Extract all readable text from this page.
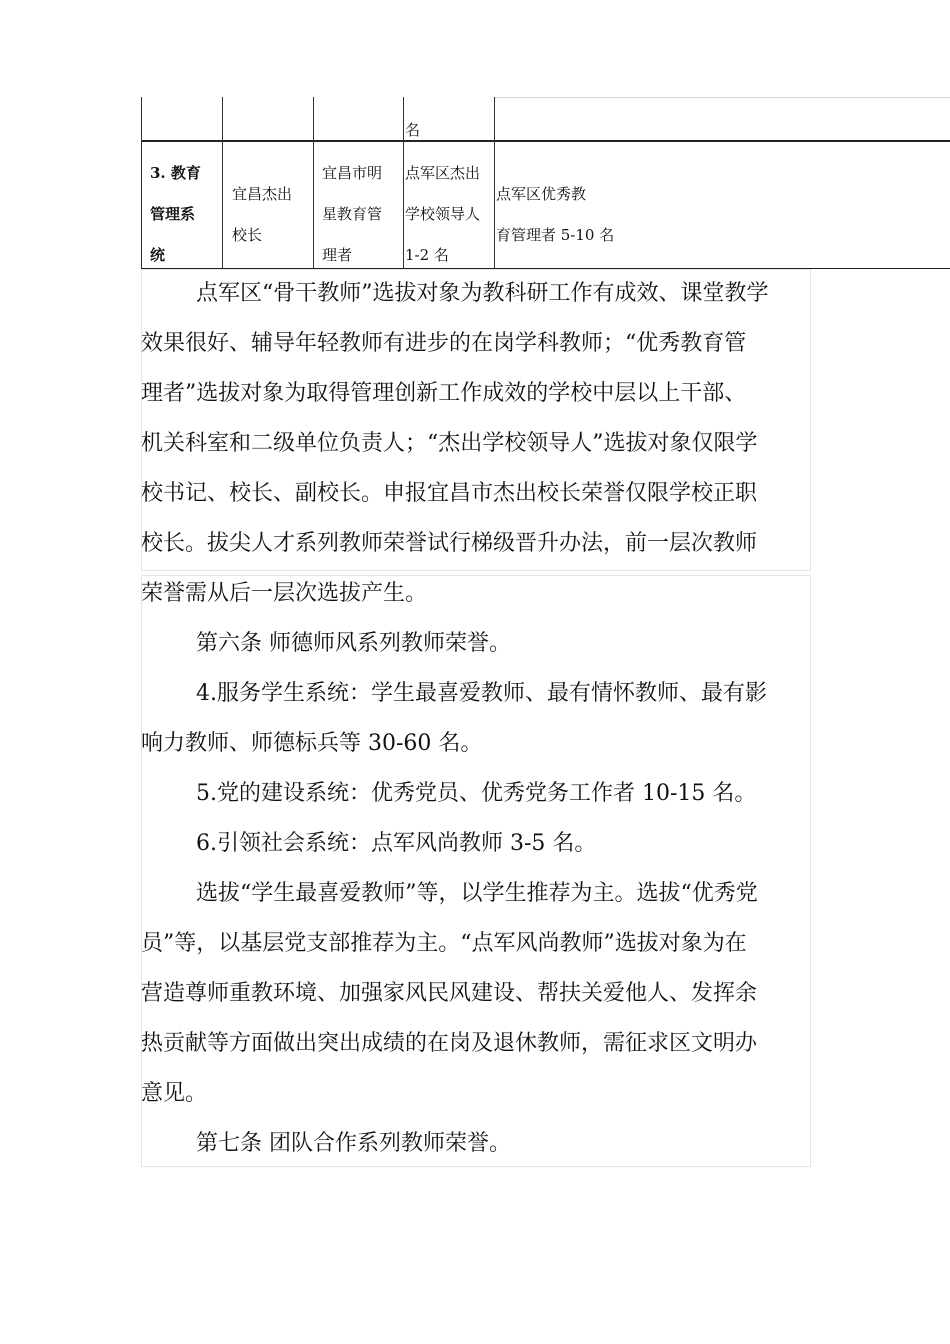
名
3. 教育
管理系
统
宜昌杰出
校长
宜昌市明
星教育管
理者
点军区杰出
学校领导人
1-2 名
点军区优秀教
育管理者 5-10 名

点军区“骨干教师”选拔对象为教科研工作有成效、课堂教学
效果很好、辅导年轻教师有进步的在岗学科教师；“优秀教育管
理者”选拔对象为取得管理创新工作成效的学校中层以上干部、
机关科室和二级单位负责人；“杰出学校领导人”选拔对象仅限学
校书记、校长、副校长。申报宜昌市杰出校长荣誉仅限学校正职
校长。拔尖人才系列教师荣誉试行梯级晋升办法，前一层次教师
荣誉需从后一层次选拔产生。

第六条 师德师风系列教师荣誉。

4.服务学生系统：学生最喜爱教师、最有情怀教师、最有影
响力教师、师德标兵等 30-60 名。

5.党的建设系统：优秀党员、优秀党务工作者 10-15 名。

6.引领社会系统：点军风尚教师 3-5 名。

选拔“学生最喜爱教师”等，以学生推荐为主。选拔“优秀党
员”等，以基层党支部推荐为主。“点军风尚教师”选拔对象为在
营造尊师重教环境、加强家风民风建设、帮扶关爱他人、发挥余
热贡献等方面做出突出成绩的在岗及退休教师，需征求区文明办
意见。

第七条 团队合作系列教师荣誉。
